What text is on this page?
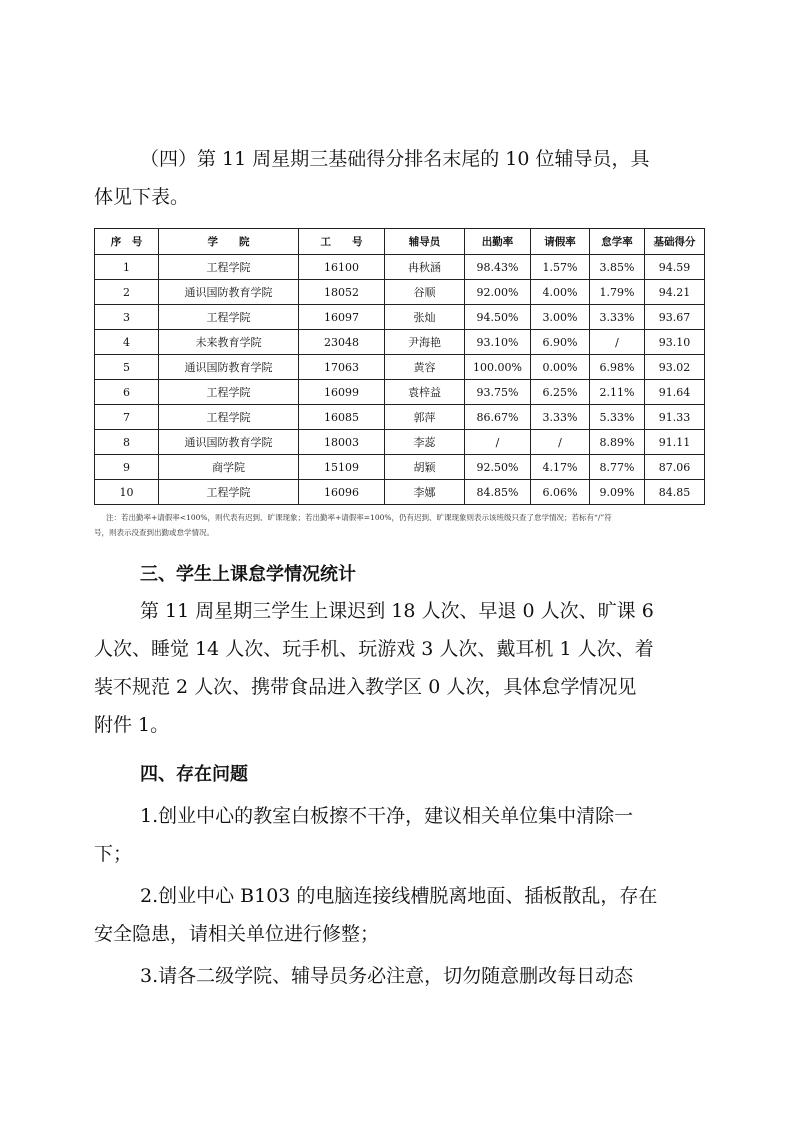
（四）第 11 周星期三基础得分排名末尾的 10 位辅导员，具
体见下表。
序　号	学　　院	工　　号	辅导员	出勤率	请假率	怠学率	基础得分
1	工程学院	16100	冉秋涵	98.43%	1.57%	3.85%	94.59
2	通识国防教育学院	18052	谷顺	92.00%	4.00%	1.79%	94.21
3	工程学院	16097	张灿	94.50%	3.00%	3.33%	93.67
4	未来教育学院	23048	尹海艳	93.10%	6.90%	/	93.10
5	通识国防教育学院	17063	黄容	100.00%	0.00%	6.98%	93.02
6	工程学院	16099	袁梓益	93.75%	6.25%	2.11%	91.64
7	工程学院	16085	郭萍	86.67%	3.33%	5.33%	91.33
8	通识国防教育学院	18003	李蕊	/	/	8.89%	91.11
9	商学院	15109	胡颖	92.50%	4.17%	8.77%	87.06
10	工程学院	16096	李娜	84.85%	6.06%	9.09%	84.85
注：若出勤率+请假率<100%，则代表有迟到、旷课现象；若出勤率+请假率=100%，仍有迟到、旷课现象则表示该班级只查了怠学情况；若标有“/”符
号，则表示没查到出勤或怠学情况。
三、学生上课怠学情况统计
第 11 周星期三学生上课迟到 18 人次、早退 0 人次、旷课 6
人次、睡觉 14 人次、玩手机、玩游戏 3 人次、戴耳机 1 人次、着
装不规范 2 人次、携带食品进入教学区 0 人次，具体怠学情况见
附件 1。
四、存在问题
1.创业中心的教室白板擦不干净，建议相关单位集中清除一
下；
2.创业中心 B103 的电脑连接线槽脱离地面、插板散乱，存在
安全隐患，请相关单位进行修整；
3.请各二级学院、辅导员务必注意，切勿随意删改每日动态
